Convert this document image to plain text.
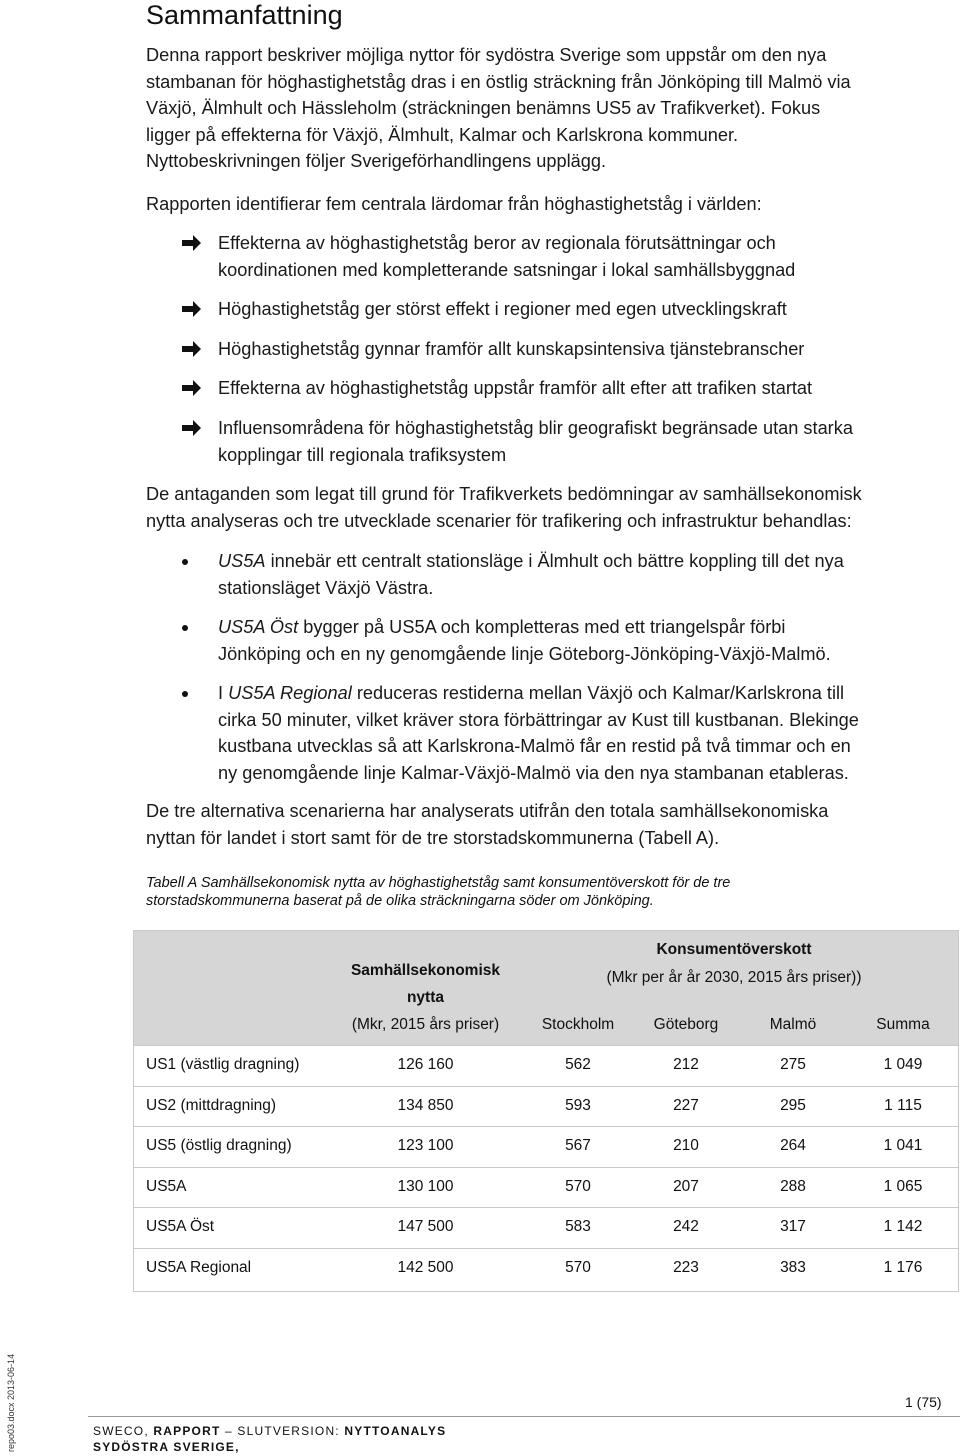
Sammanfattning
Denna rapport beskriver möjliga nyttor för sydöstra Sverige som uppstår om den nya
stambanan för höghastighetståg dras i en östlig sträckning från Jönköping till Malmö via
Växjö, Älmhult och Hässleholm (sträckningen benämns US5 av Trafikverket). Fokus
ligger på effekterna för Växjö, Älmhult, Kalmar och Karlskrona kommuner.
Nyttobeskrivningen följer Sverigeförhandlingens upplägg.
Rapporten identifierar fem centrala lärdomar från höghastighetståg i världen:
Effekterna av höghastighetståg beror av regionala förutsättningar och
koordinationen med kompletterande satsningar i lokal samhällsbyggnad
Höghastighetståg ger störst effekt i regioner med egen utvecklingskraft
Höghastighetståg gynnar framför allt kunskapsintensiva tjänstebranscher
Effekterna av höghastighetståg uppstår framför allt efter att trafiken startat
Influensområdena för höghastighetståg blir geografiskt begränsade utan starka
kopplingar till regionala trafiksystem
De antaganden som legat till grund för Trafikverkets bedömningar av samhällsekonomisk
nytta analyseras och tre utvecklade scenarier för trafikering och infrastruktur behandlas:
US5A innebär ett centralt stationsläge i Älmhult och bättre koppling till det nya
stationsläget Växjö Västra.
US5A Öst bygger på US5A och kompletteras med ett triangelspår förbi
Jönköping och en ny genomgående linje Göteborg-Jönköping-Växjö-Malmö.
I US5A Regional reduceras restiderna mellan Växjö och Kalmar/Karlskrona till
cirka 50 minuter, vilket kräver stora förbättringar av Kust till kustbanan. Blekinge
kustbana utvecklas så att Karlskrona-Malmö får en restid på två timmar och en
ny genomgående linje Kalmar-Växjö-Malmö via den nya stambanan etableras.
De tre alternativa scenarierna har analyserats utifrån den totala samhällsekonomiska
nyttan för landet i stort samt för de tre storstadskommunerna (Tabell A).
Tabell A Samhällsekonomisk nytta av höghastighetståg samt konsumentöverskott för de tre
storstadskommunerna baserat på de olika sträckningarna söder om Jönköping.
Samhällsekonomisk
nytta
(Mkr, 2015 års priser)
Konsumentöverskott
(Mkr per år år 2030, 2015 års priser))
Stockholm	Göteborg	Malmö	Summa
US1 (västlig dragning)	126 160	562	212	275	1 049
US2 (mittdragning)	134 850	593	227	295	1 115
US5 (östlig dragning)	123 100	567	210	264	1 041
US5A	130 100	570	207	288	1 065
US5A Öst	147 500	583	242	317	1 142
US5A Regional	142 500	570	223	383	1 176
repo03.docx 2013-06-14	1 (75)
SWECO, RAPPORT – SLUTVERSION: NYTTOANALYS
SYDÖSTRA SVERIGE,
